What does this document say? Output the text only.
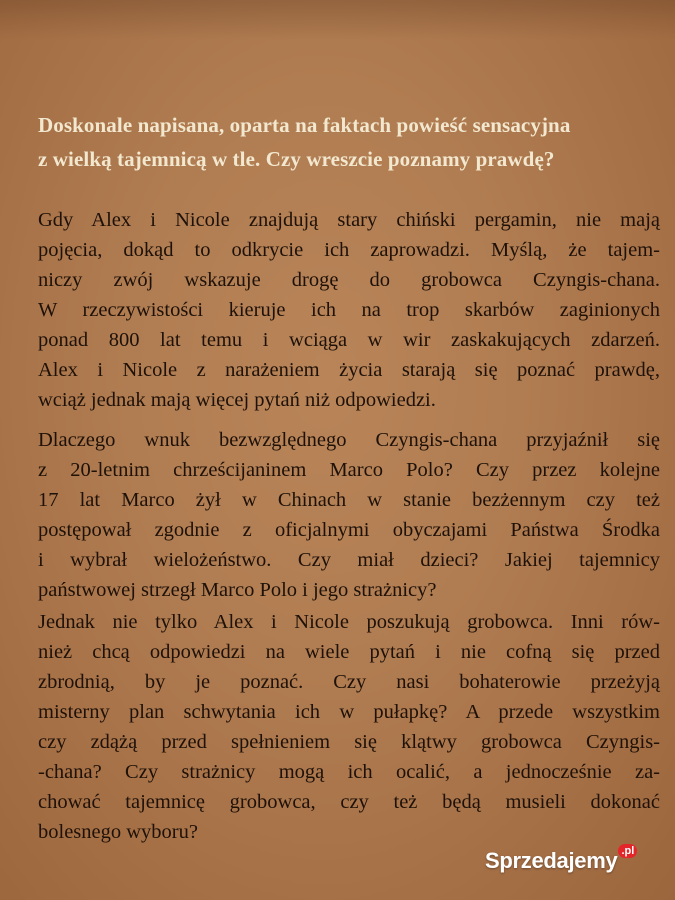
Doskonale napisana, oparta na faktach powieść sensacyjna
z wielką tajemnicą w tle. Czy wreszcie poznamy prawdę?

Gdy Alex i Nicole znajdują stary chiński pergamin, nie mają
pojęcia, dokąd to odkrycie ich zaprowadzi. Myślą, że tajem-
niczy zwój wskazuje drogę do grobowca Czyngis-chana.
W rzeczywistości kieruje ich na trop skarbów zaginionych
ponad 800 lat temu i wciąga w wir zaskakujących zdarzeń.
Alex i Nicole z narażeniem życia starają się poznać prawdę,
wciąż jednak mają więcej pytań niż odpowiedzi.

Dlaczego wnuk bezwzględnego Czyngis-chana przyjaźnił się
z 20-letnim chrześcijaninem Marco Polo? Czy przez kolejne
17 lat Marco żył w Chinach w stanie bezżennym czy też
postępował zgodnie z oficjalnymi obyczajami Państwa Środka
i wybrał wielożeństwo. Czy miał dzieci? Jakiej tajemnicy
państwowej strzegł Marco Polo i jego strażnicy?

Jednak nie tylko Alex i Nicole poszukują grobowca. Inni rów-
nież chcą odpowiedzi na wiele pytań i nie cofną się przed
zbrodnią, by je poznać. Czy nasi bohaterowie przeżyją
misterny plan schwytania ich w pułapkę? A przede wszystkim
czy zdążą przed spełnieniem się klątwy grobowca Czyngis-
-chana? Czy strażnicy mogą ich ocalić, a jednocześnie za-
chować tajemnicę grobowca, czy też będą musieli dokonać
bolesnego wyboru?

Sprzedajemy .pl
